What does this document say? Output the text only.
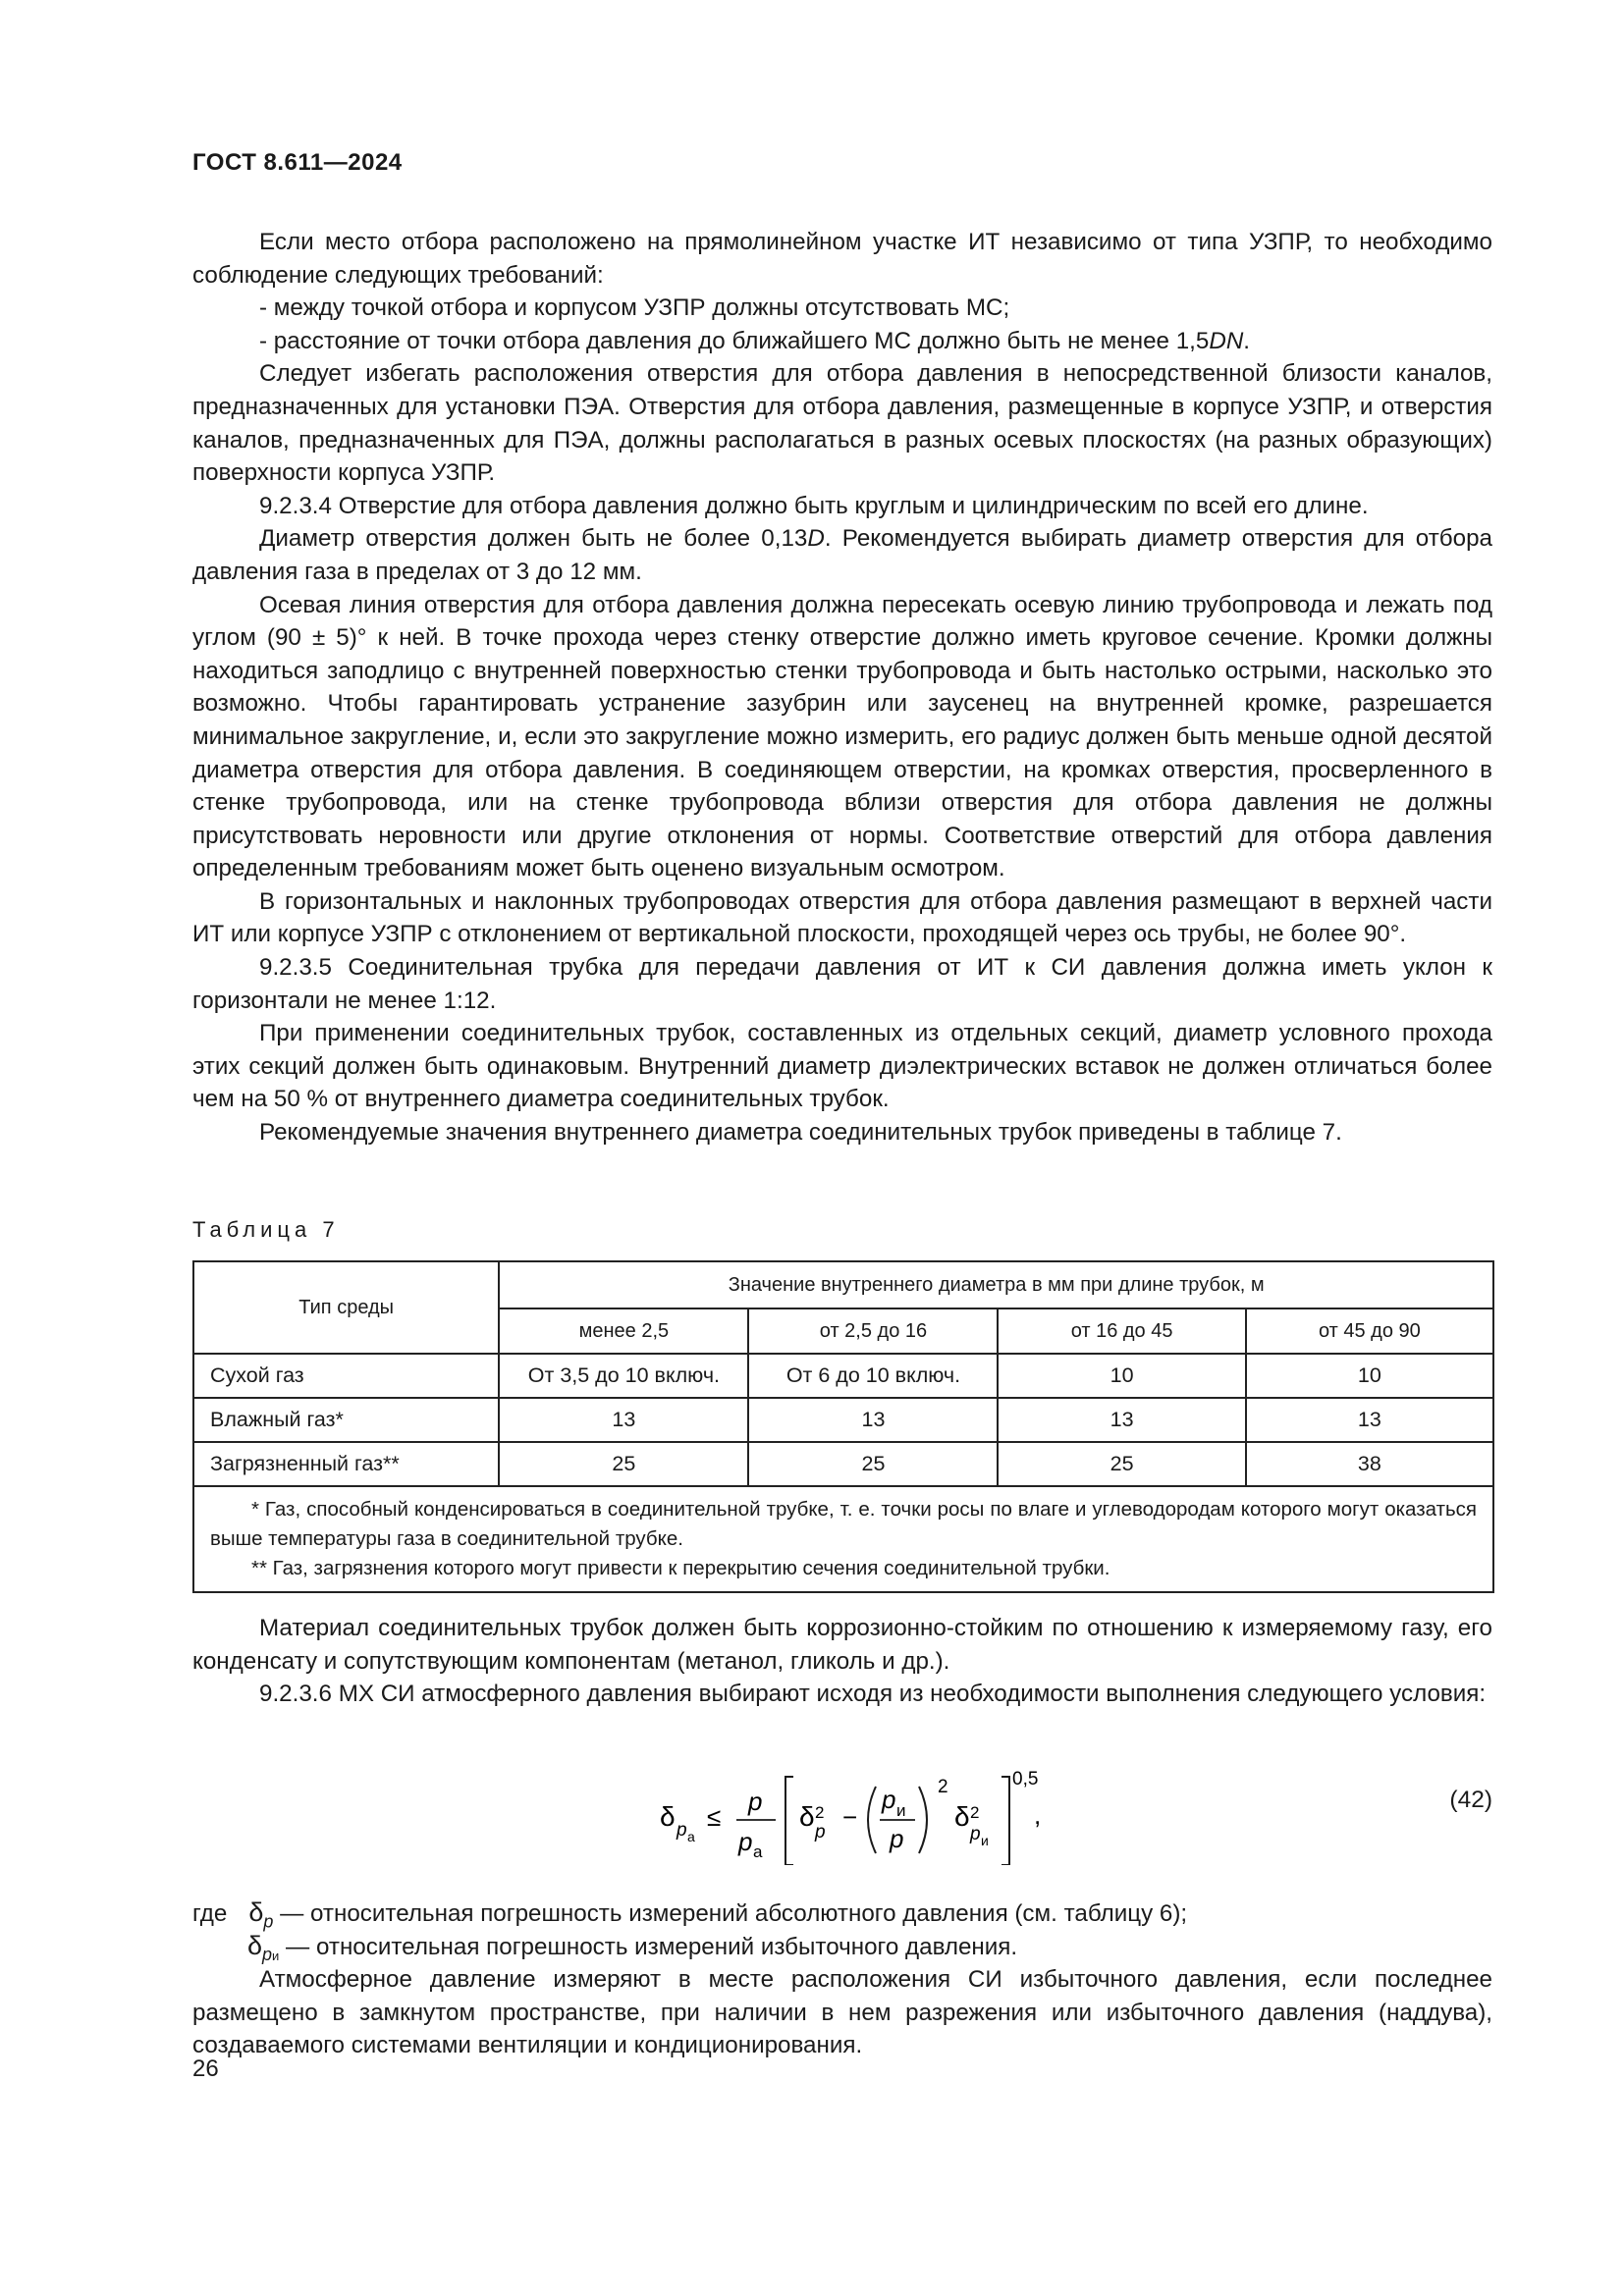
ГОСТ 8.611—2024

Если место отбора расположено на прямолинейном участке ИТ независимо от типа УЗПР, то необходимо соблюдение следующих требований:

- между точкой отбора и корпусом УЗПР должны отсутствовать МС;

- расстояние от точки отбора давления до ближайшего МС должно быть не менее 1,5DN.

Следует избегать расположения отверстия для отбора давления в непосредственной близости каналов, предназначенных для установки ПЭА. Отверстия для отбора давления, размещенные в корпусе УЗПР, и отверстия каналов, предназначенных для ПЭА, должны располагаться в разных осевых плоскостях (на разных образующих) поверхности корпуса УЗПР.

9.2.3.4 Отверстие для отбора давления должно быть круглым и цилиндрическим по всей его длине.

Диаметр отверстия должен быть не более 0,13D. Рекомендуется выбирать диаметр отверстия для отбора давления газа в пределах от 3 до 12 мм.

Осевая линия отверстия для отбора давления должна пересекать осевую линию трубопровода и лежать под углом (90 ± 5)° к ней. В точке прохода через стенку отверстие должно иметь круговое сечение. Кромки должны находиться заподлицо с внутренней поверхностью стенки трубопровода и быть настолько острыми, насколько это возможно. Чтобы гарантировать устранение зазубрин или заусенец на внутренней кромке, разрешается минимальное закругление, и, если это закругление можно измерить, его радиус должен быть меньше одной десятой диаметра отверстия для отбора давления. В соединяющем отверстии, на кромках отверстия, просверленного в стенке трубопровода, или на стенке трубопровода вблизи отверстия для отбора давления не должны присутствовать неровности или другие отклонения от нормы. Соответствие отверстий для отбора давления определенным требованиям может быть оценено визуальным осмотром.

В горизонтальных и наклонных трубопроводах отверстия для отбора давления размещают в верхней части ИТ или корпусе УЗПР с отклонением от вертикальной плоскости, проходящей через ось трубы, не более 90°.

9.2.3.5 Соединительная трубка для передачи давления от ИТ к СИ давления должна иметь уклон к горизонтали не менее 1:12.

При применении соединительных трубок, составленных из отдельных секций, диаметр условного прохода этих секций должен быть одинаковым. Внутренний диаметр диэлектрических вставок не должен отличаться более чем на 50 % от внутреннего диаметра соединительных трубок.

Рекомендуемые значения внутреннего диаметра соединительных трубок приведены в таблице 7.

Таблица 7
Тип среды	Значение внутреннего диаметра в мм при длине трубок, м			
	менее 2,5	от 2,5 до 16	от 16 до 45	от 45 до 90
Сухой газ	От 3,5 до 10 включ.	От 6 до 10 включ.	10	10
Влажный газ*	13	13	13	13
Загрязненный газ**	25	25	25	38

* Газ, способный конденсироваться в соединительной трубке, т. е. точки росы по влаге и углеводородам которого могут оказаться выше температуры газа в соединительной трубке.

** Газ, загрязнения которого могут привести к перекрытию сечения соединительной трубки.				

Материал соединительных трубок должен быть коррозионно-стойким по отношению к измеряемому газу, его конденсату и сопутствующим компонентам (метанол, гликоль и др.).

9.2.3.6 МХ СИ атмосферного давления выбирают исходя из необходимости выполнения следующего условия:

δ p а
≤
p
p а
δ 2
p
−
p и
p
2
δ 2
p и
0,5
,
(42)
где $\delta_p$ — относительная погрешность измерений абсолютного давления (см. таблицу 6);
$\delta_{pи}$ — относительная погрешность измерений избыточного давления.

Атмосферное давление измеряют в месте расположения СИ избыточного давления, если последнее размещено в замкнутом пространстве, при наличии в нем разрежения или избыточного давления (наддува), создаваемого системами вентиляции и кондиционирования.

26
